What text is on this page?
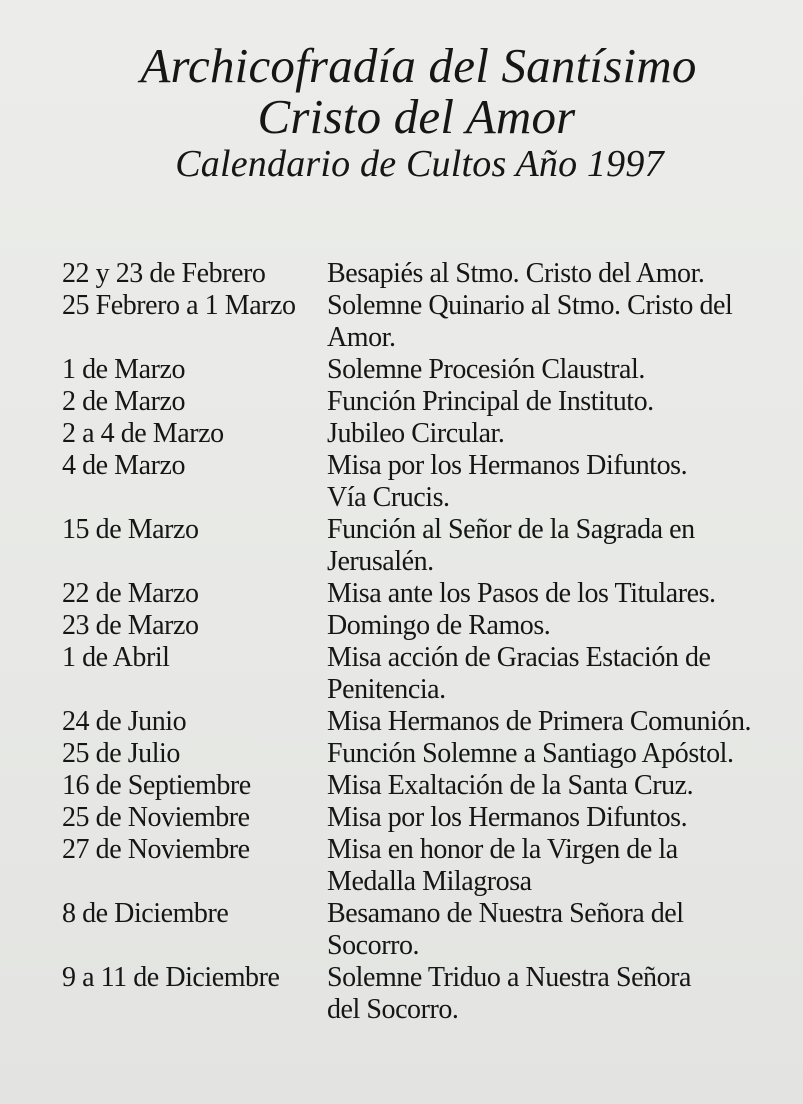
Archicofradía del Santísimo
Cristo del Amor
Calendario de Cultos Año 1997
22 y 23 de Febrero	Besapiés al Stmo. Cristo del Amor.
25 Febrero a 1 Marzo	Solemne Quinario al Stmo. Cristo del
Amor.
1 de Marzo	Solemne Procesión Claustral.
2 de Marzo	Función Principal de Instituto.
2 a 4 de Marzo	Jubileo Circular.
4 de Marzo	Misa por los Hermanos Difuntos.
Vía Crucis.
15 de Marzo	Función al Señor de la Sagrada en
Jerusalén.
22 de Marzo	Misa ante los Pasos de los Titulares.
23 de Marzo	Domingo de Ramos.
1 de Abril	Misa acción de Gracias Estación de
Penitencia.
24 de Junio	Misa Hermanos de Primera Comunión.
25 de Julio	Función Solemne a Santiago Apóstol.
16 de Septiembre	Misa Exaltación de la Santa Cruz.
25 de Noviembre	Misa por los Hermanos Difuntos.
27 de Noviembre	Misa en honor de la Virgen de la
Medalla Milagrosa
8 de Diciembre	Besamano de Nuestra Señora del
Socorro.
9 a 11 de Diciembre	Solemne Triduo a Nuestra Señora
del Socorro.
